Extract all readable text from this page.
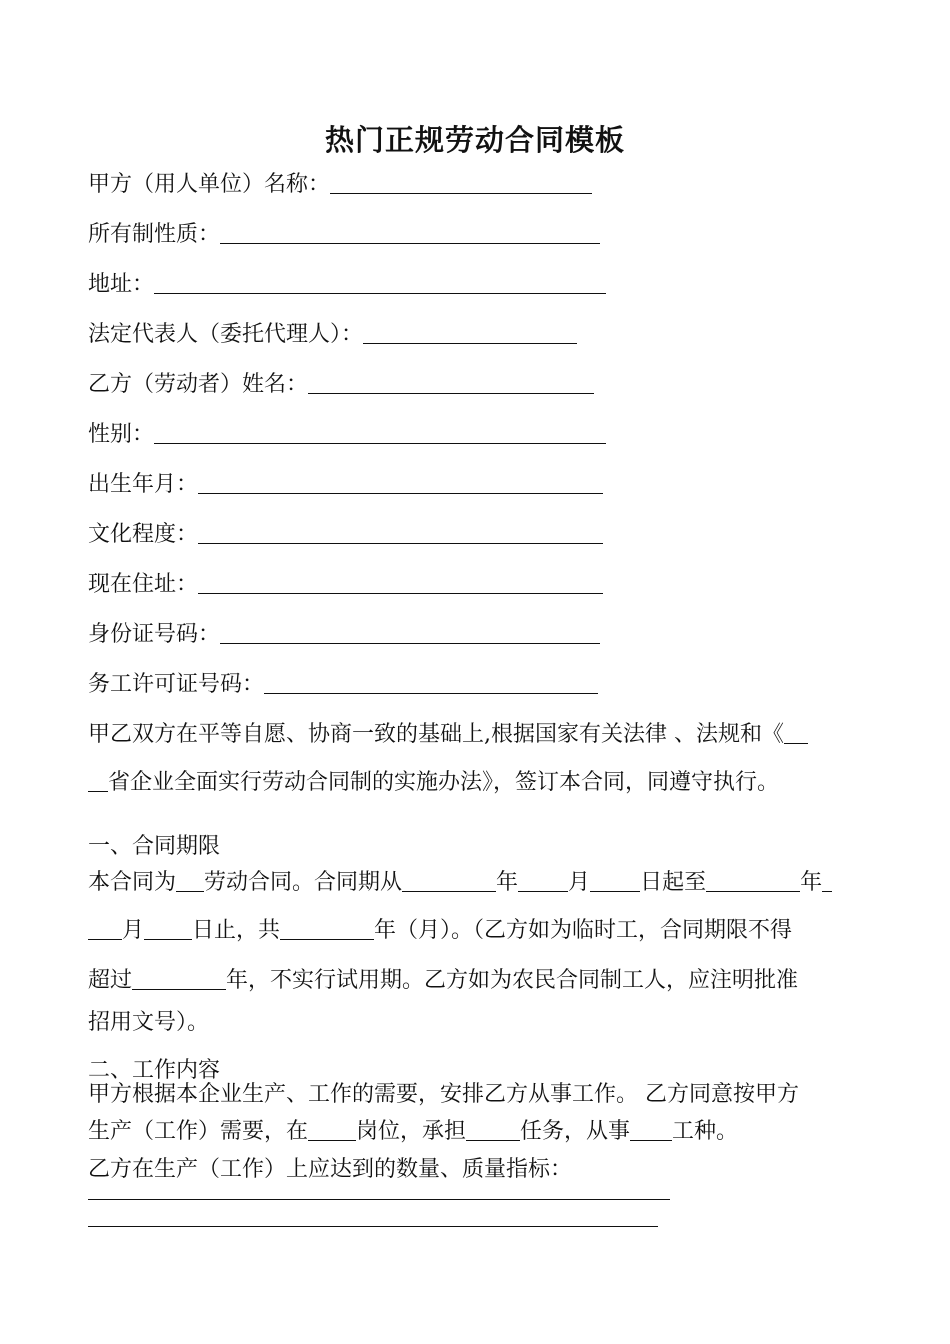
热门正规劳动合同模板
甲方（用人单位）名称：
所有制性质：
地址：
法定代表人（委托代理人）：
乙方（劳动者）姓名：
性别：
出生年月：
文化程度：
现在住址：
身份证号码：
务工许可证号码：
甲乙双方在平等自愿、协商一致的基础上,根据国家有关法律 、法规和《
省企业全面实行劳动合同制的实施办法》，签订本合同，同遵守执行。
一、合同期限
本合同为 劳动合同。合同期从	年 月 日起至	年
月 日止，共	年（月）。（乙方如为临时工，合同期限不得
超过	年，不实行试用期。乙方如为农民合同制工人，应注明批准
招用文号）。
二、工作内容
甲方根据本企业生产、工作的需要，安排乙方从事工作。 乙方同意按甲方
生产（工作）需要，在 岗位，承担 任务，从事 工种。
乙方在生产（工作）上应达到的数量、质量指标：
